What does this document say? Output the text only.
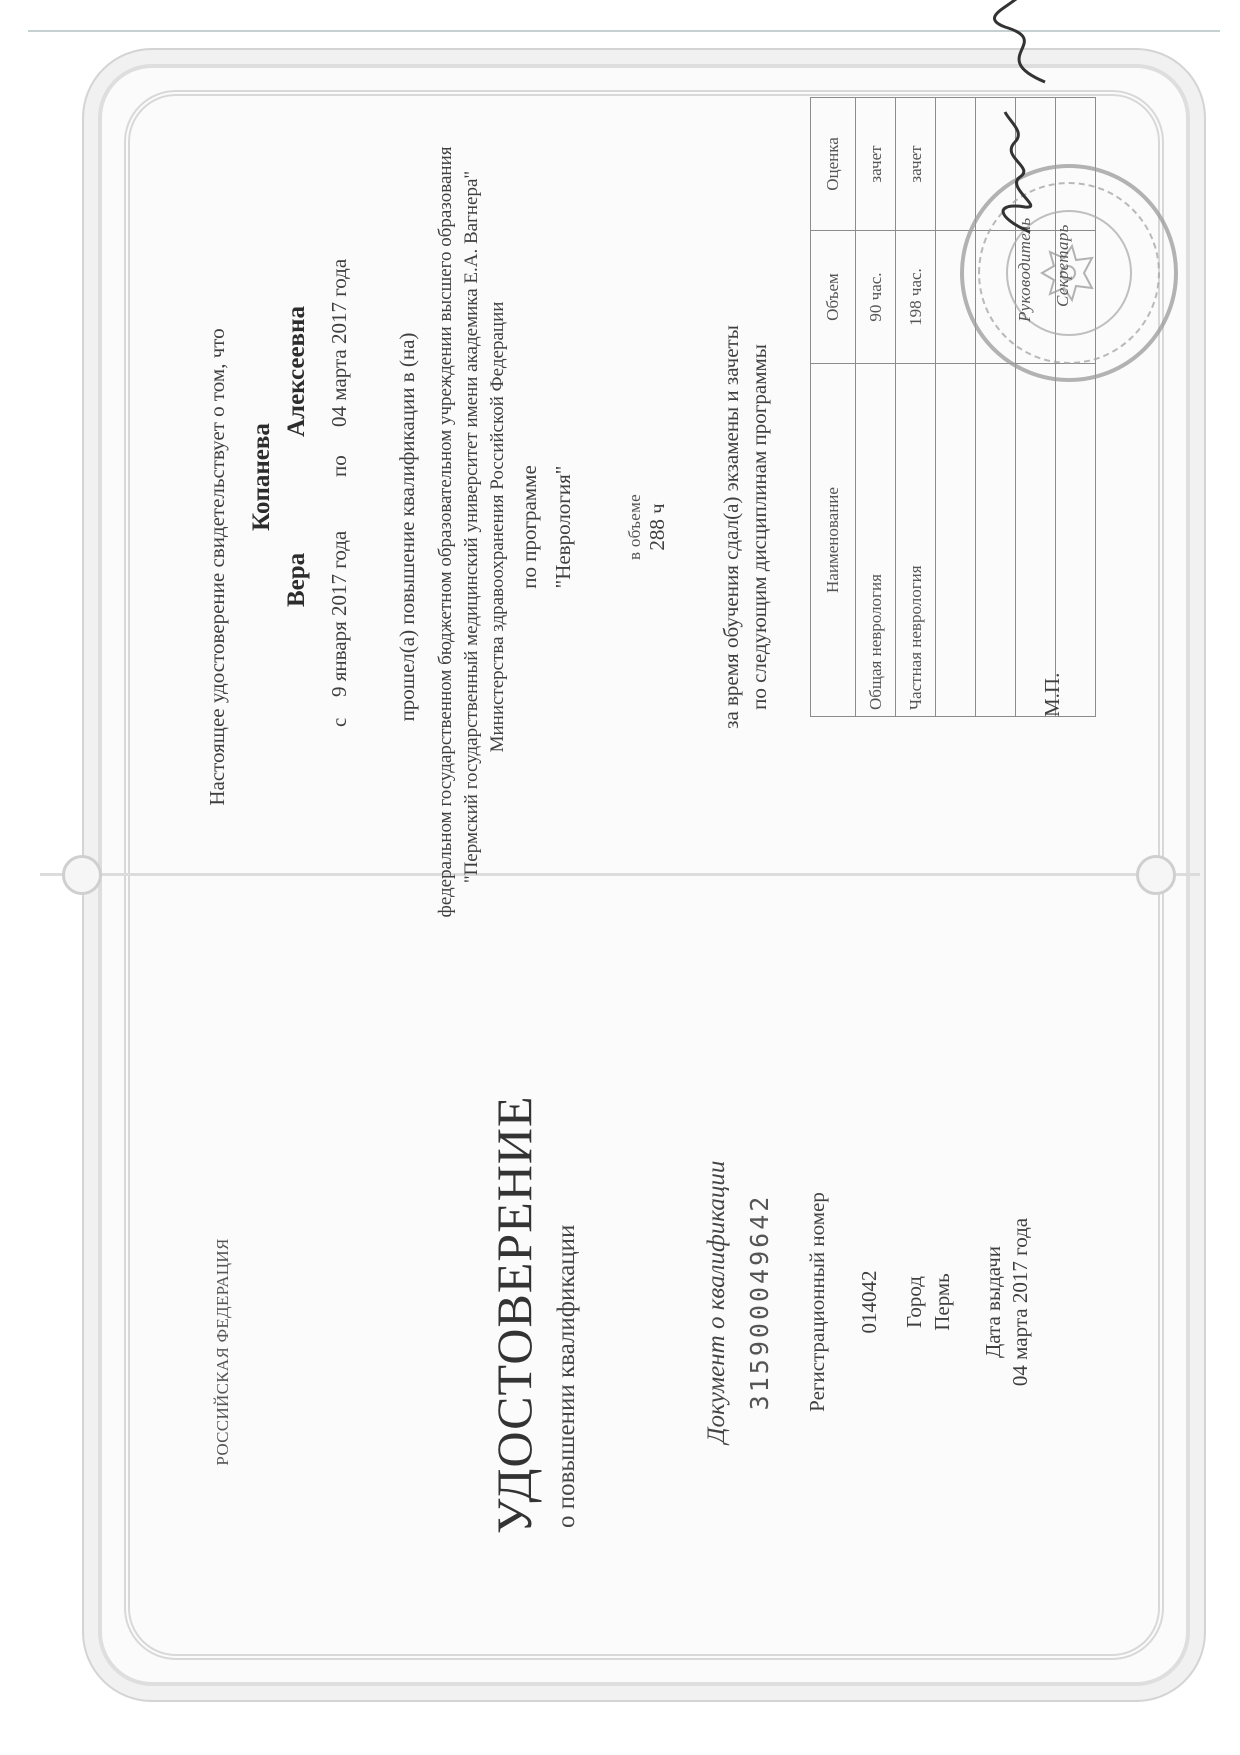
РОССИЙСКАЯ ФЕДЕРАЦИЯ	УДОСТОВЕРЕНИЕ о повышении квалификации	Документ о квалификации 315900049642 Регистрационный номер 014042 Город Пермь Дата выдачи 04 марта 2017 года
Настоящее удостоверение свидетельствует о том, что Копанева
Вера
Алексеевна
с
9 января 2017 года
по
04 марта 2017 года прошел(а) повышение квалификации в (на) федеральном государственном бюджетном образовательном учреждении высшего образования "Пермский государственный медицинский университет имени академика Е.А. Вагнера" Министерства здравоохранения Российской Федерации по программе "Неврология"	в объеме 288 ч за время обучения сдал(а) экзамены и зачеты по следующим дисциплинам программы	Наименование	Объем	Оценка
Общая неврология	90 час.	зачет
Частная неврология	198 час.	зачет

М.П.
Руководитель Секретарь
